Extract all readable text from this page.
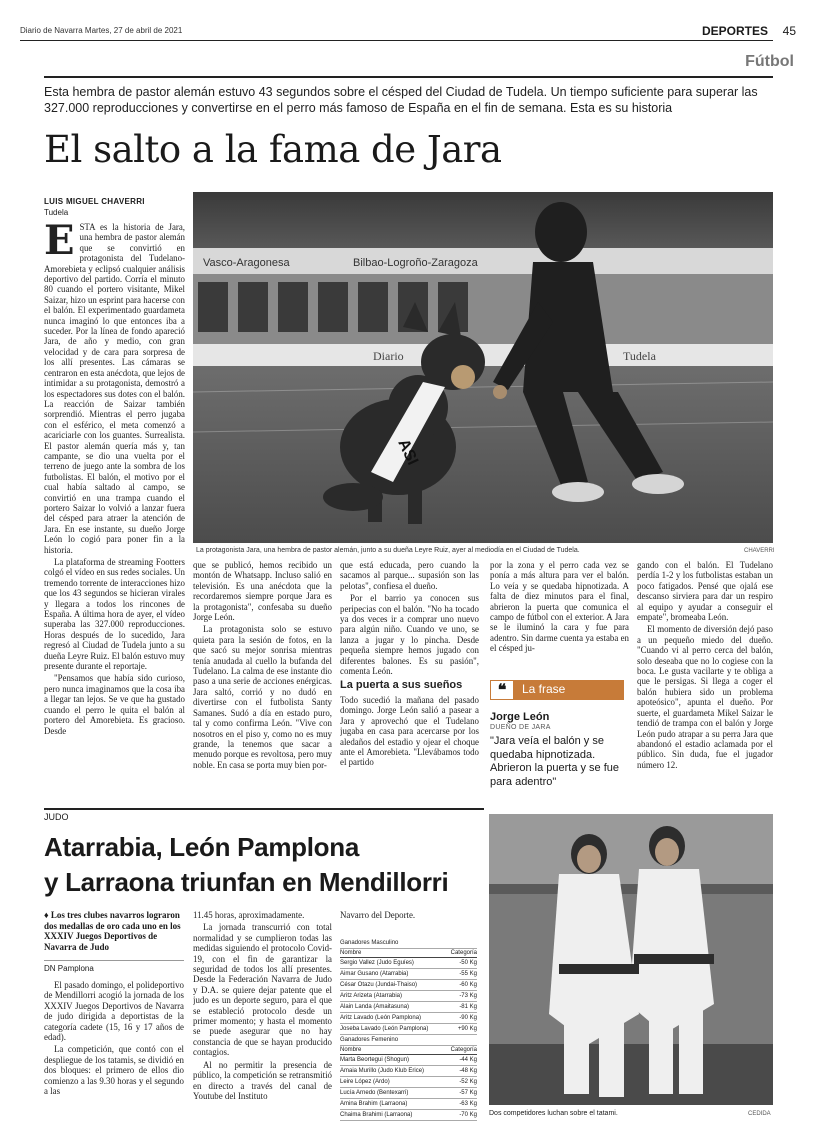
Diario de Navarra Martes, 27 de abril de 2021	DEPORTES 45
Fútbol
Esta hembra de pastor alemán estuvo 43 segundos sobre el césped del Ciudad de Tudela. Un tiempo suficiente para superar las 327.000 reproducciones y convertirse en el perro más famoso de España en el fin de semana. Esta es su historia
El salto a la fama de Jara
LUIS MIGUEL CHAVERRI
Tudela
Vasco-Aragonesa	Bilbao-Logroño-Zaragoza
Diario	Tudela
ASI
La protagonista Jara, una hembra de pastor alemán, junto a su dueña Leyre Ruiz, ayer al mediodía en el Ciudad de Tudela.	CHAVERRI

ESTA es la historia de Jara, una hembra de pastor alemán que se convirtió en protagonista del Tudelano-Amorebieta y eclipsó cualquier análisis deportivo del partido. Corría el minuto 80 cuando el portero visitante, Mikel Saizar, hizo un esprint para hacerse con el balón. El experimentado guardameta nunca imaginó lo que entonces iba a suceder. Por la línea de fondo apareció Jara, de año y medio, con gran velocidad y de cara para sorpresa de los allí presentes. Las cámaras se centraron en esta anécdota, que lejos de intimidar a su protagonista, demostró a los espectadores sus dotes con el balón. La reacción de Saizar también sorprendió. Mientras el perro jugaba con el esférico, el meta comenzó a acariciarle con los guantes. Surrealista. El pastor alemán quería más y, tan campante, se dio una vuelta por el terreno de juego ante la sombra de los futbolistas. El balón, el motivo por el cual había saltado al campo, se convirtió en una trampa cuando el portero Saizar lo volvió a lanzar fuera del césped para atraer la atención de Jara. En ese instante, su dueño Jorge León lo cogió para poner fin a la historia.

La plataforma de streaming Footters colgó el vídeo en sus redes sociales. Un tremendo torrente de interacciones hizo que los 43 segundos se hicieran virales y llegara a todos los rincones de España. A última hora de ayer, el vídeo superaba las 327.000 reproducciones. Horas después de lo sucedido, Jara regresó al Ciudad de Tudela junto a su dueña Leyre Ruiz. El balón estuvo muy presente durante el reportaje.

"Pensamos que había sido curioso, pero nunca imaginamos que la cosa iba a llegar tan lejos. Se ve que ha gustado cuando el perro le quita el balón al portero del Amorebieta. Es gracioso. Desde

que se publicó, hemos recibido un montón de Whatsapp. Incluso salió en televisión. Es una anécdota que la recordaremos siempre porque Jara es la protagonista", confesaba su dueño Jorge León.

La protagonista solo se estuvo quieta para la sesión de fotos, en la que sacó su mejor sonrisa mientras tenía anudada al cuello la bufanda del Tudelano. La calma de ese instante dio paso a una serie de acciones enérgicas. Jara saltó, corrió y no dudó en divertirse con el futbolista Santy Samanes. Sudó a día en estado puro, tal y como confirma León. "Vive con nosotros en el piso y, como no es muy grande, la tenemos que sacar a menudo porque es revoltosa, pero muy noble. En casa se porta muy bien por-

que está educada, pero cuando la sacamos al parque... supasión son las pelotas", confiesa el dueño.

Por el barrio ya conocen sus peripecias con el balón. "No ha tocado ya dos veces ir a comprar uno nuevo para algún niño. Cuando ve uno, se lanza a jugar y lo pincha. Desde pequeña siempre hemos jugado con diferentes balones. Es su pasión", comenta León.

La puerta a sus sueños

Todo sucedió la mañana del pasado domingo. Jorge León salió a pasear a Jara y aprovechó que el Tudelano jugaba en casa para acercarse por los aledaños del estadio y ojear el choque ante el Amorebieta. "Llevábamos todo el partido

por la zona y el perro cada vez se ponía a más altura para ver el balón. Lo veía y se quedaba hipnotizada. A falta de diez minutos para el final, abrieron la puerta que comunica el campo de fútbol con el exterior. A Jara se le iluminó la cara y fue para adentro. Sin darme cuenta ya estaba en el césped ju-

❝	La frase
Jorge León
DUEÑO DE JARA
"Jara veía el balón y se quedaba hipnotizada. Abrieron la puerta y se fue para adentro"

gando con el balón. El Tudelano perdía 1-2 y los futbolistas estaban un poco fatigados. Pensé que ojalá ese descanso sirviera para dar un respiro al equipo y ayudar a conseguir el empate", bromeaba León.

El momento de diversión dejó paso a un pequeño miedo del dueño. "Cuando vi al perro cerca del balón, solo deseaba que no lo cogiese con la boca. Le gusta vacilarte y te obliga a que le persigas. Si llega a coger el balón hubiera sido un problema apoteósico", apunta el dueño. Por suerte, el guardameta Mikel Saizar le tendió de trampa con el balón y Jorge León pudo atrapar a su perra Jara que abandonó el estadio aclamada por el público. Sin duda, fue el jugador número 12.

JUDO
Atarrabia, León Pamplona
y Larraona triunfan en Mendillorri
Dos competidores luchan sobre el tatami.	CEDIDA
♦ Los tres clubes navarros lograron dos medallas de oro cada uno en los XXXIV Juegos Deportivos de Navarra de Judo
DN Pamplona

El pasado domingo, el polideportivo de Mendillorri acogió la jornada de los XXXIV Juegos Deportivos de Navarra de judo dirigida a deportistas de la categoría cadete (15, 16 y 17 años de edad).

La competición, que contó con el despliegue de los tatamis, se dividió en dos bloques: el primero de ellos dio comienzo a las 9.30 horas y el segundo a las

11.45 horas, aproximadamente.

La jornada transcurrió con total normalidad y se cumplieron todas las medidas siguiendo el protocolo Covid-19, con el fin de garantizar la seguridad de todos los allí presentes. Desde la Federación Navarra de Judo y D.A. se quiere dejar patente que el judo es un deporte seguro, para el que se estableció protocolo desde un primer momento; y hasta el momento se puede asegurar que no hay constancia de que se hayan producido contagios.

Al no permitir la presencia de público, la competición se retransmitió en directo a través del canal de Youtube del Instituto

Navarro del Deporte.

Ganadores Masculino
Nombre	Categoría
Sergio Vallez (Judo Eguíes)	-50 Kg
Aimar Gusano (Atarrabia)	-55 Kg
César Otazu (Jundai-Thaiso)	-60 Kg
Aritz Arizeta (Atarrabia)	-73 Kg
Alain Landa (Amaitasuna)	-81 Kg
Aritz Lavado (León Pamplona)	-90 Kg
Joseba Lavado (León Pamplona)	+90 Kg
Ganadores Femenino
Nombre	Categoría
Marta Beortegui (Shogun)	-44 Kg
Amaia Murillo (Judo Klub Erice)	-48 Kg
Leire López (Ardo)	-52 Kg
Lucía Arnedo (Bentexarri)	-57 Kg
Amina Brahim (Larraona)	-63 Kg
Chaima Brahimi (Larraona)	-70 Kg
